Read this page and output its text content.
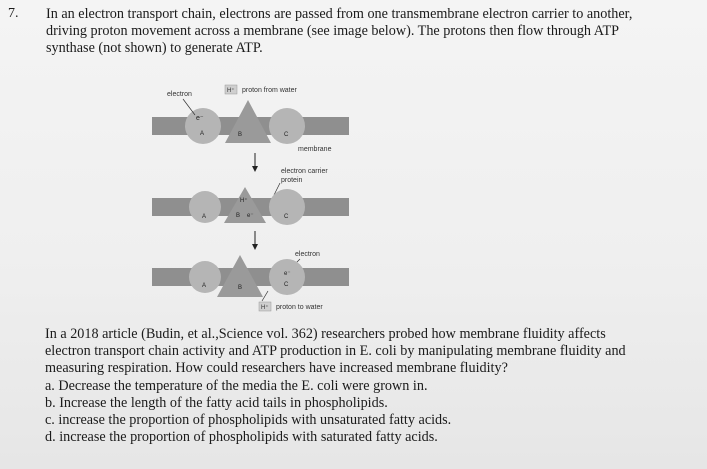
7. In an electron transport chain, electrons are passed from one transmembrane electron carrier to another,
driving proton movement across a membrane (see image below). The protons then flow through ATP
synthase (not shown) to generate ATP.
electron
e⁻
H⁺ proton from water
A	B	C
membrane
electron carrier
protein
H⁺
A	B e⁻	C
electron
e⁻
A	B	C
H⁺ proton to water
In a 2018 article (Budin, et al.,Science vol. 362) researchers probed how membrane fluidity affects
electron transport chain activity and ATP production in E. coli by manipulating membrane fluidity and
measuring respiration. How could researchers have increased membrane fluidity?
a. Decrease the temperature of the media the E. coli were grown in.
b. Increase the length of the fatty acid tails in phospholipids.
c. increase the proportion of phospholipids with unsaturated fatty acids.
d. increase the proportion of phospholipids with saturated fatty acids.
